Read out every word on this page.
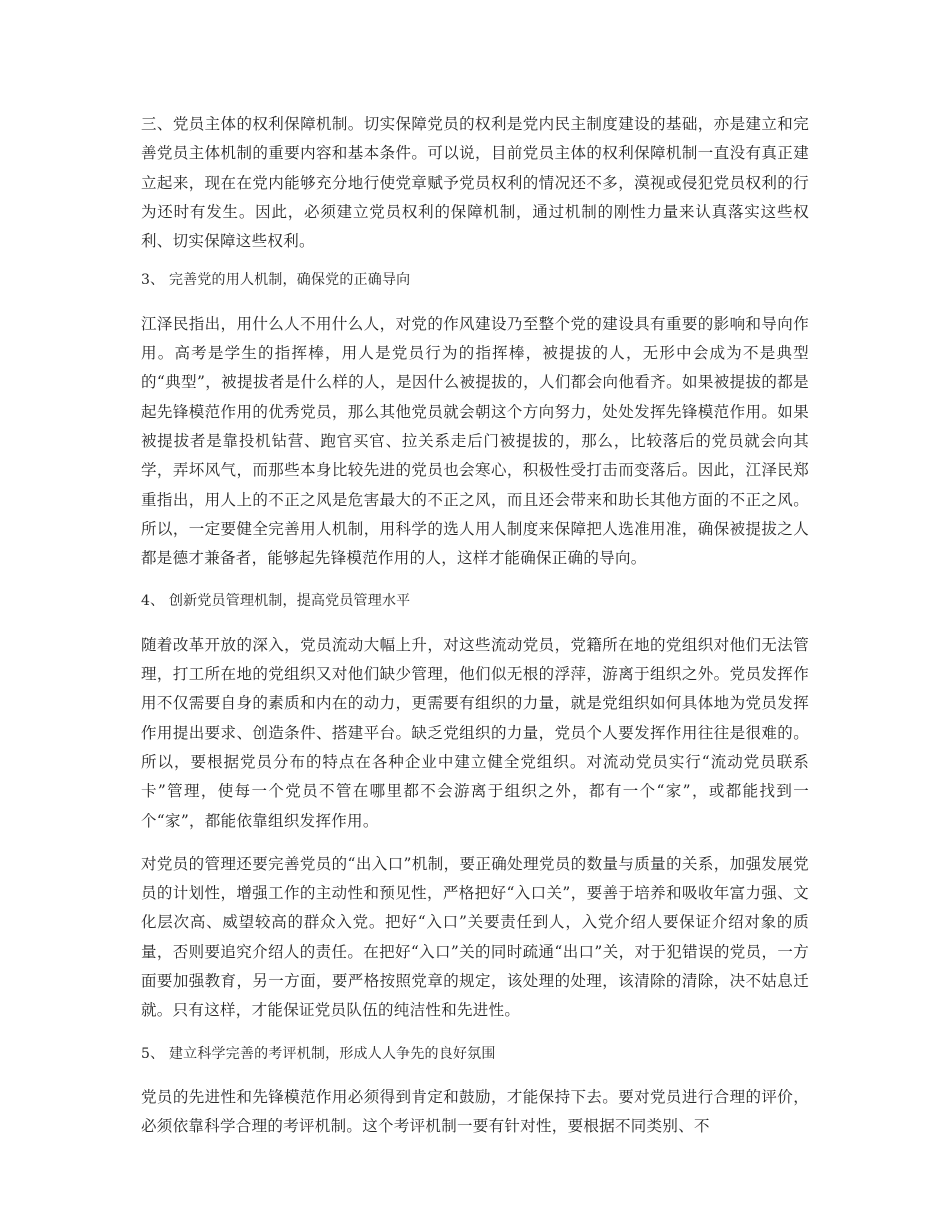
三、党员主体的权利保障机制。切实保障党员的权利是党内民主制度建设的基础，亦是建立和完善党员主体机制的重要内容和基本条件。可以说，目前党员主体的权利保障机制一直没有真正建立起来，现在在党内能够充分地行使党章赋予党员权利的情况还不多，漠视或侵犯党员权利的行为还时有发生。因此，必须建立党员权利的保障机制，通过机制的刚性力量来认真落实这些权利、切实保障这些权利。

3、 完善党的用人机制，确保党的正确导向

江泽民指出，用什么人不用什么人，对党的作风建设乃至整个党的建设具有重要的影响和导向作用。高考是学生的指挥棒，用人是党员行为的指挥棒，被提拔的人，无形中会成为不是典型的“典型”，被提拔者是什么样的人，是因什么被提拔的，人们都会向他看齐。如果被提拔的都是起先锋模范作用的优秀党员，那么其他党员就会朝这个方向努力，处处发挥先锋模范作用。如果被提拔者是靠投机钻营、跑官买官、拉关系走后门被提拔的，那么，比较落后的党员就会向其学，弄坏风气，而那些本身比较先进的党员也会寒心，积极性受打击而变落后。因此，江泽民郑重指出，用人上的不正之风是危害最大的不正之风，而且还会带来和助长其他方面的不正之风。所以，一定要健全完善用人机制，用科学的选人用人制度来保障把人选准用准，确保被提拔之人都是德才兼备者，能够起先锋模范作用的人，这样才能确保正确的导向。

4、 创新党员管理机制，提高党员管理水平

随着改革开放的深入，党员流动大幅上升，对这些流动党员，党籍所在地的党组织对他们无法管理，打工所在地的党组织又对他们缺少管理，他们似无根的浮萍，游离于组织之外。党员发挥作用不仅需要自身的素质和内在的动力，更需要有组织的力量，就是党组织如何具体地为党员发挥作用提出要求、创造条件、搭建平台。缺乏党组织的力量，党员个人要发挥作用往往是很难的。所以，要根据党员分布的特点在各种企业中建立健全党组织。对流动党员实行“流动党员联系卡”管理，使每一个党员不管在哪里都不会游离于组织之外，都有一个“家”，或都能找到一个“家”，都能依靠组织发挥作用。

对党员的管理还要完善党员的“出入口”机制，要正确处理党员的数量与质量的关系，加强发展党员的计划性，增强工作的主动性和预见性，严格把好“入口关”，要善于培养和吸收年富力强、文化层次高、威望较高的群众入党。把好“入口”关要责任到人，入党介绍人要保证介绍对象的质量，否则要追究介绍人的责任。在把好“入口”关的同时疏通“出口”关，对于犯错误的党员，一方面要加强教育，另一方面，要严格按照党章的规定，该处理的处理，该清除的清除，决不姑息迁就。只有这样，才能保证党员队伍的纯洁性和先进性。

5、 建立科学完善的考评机制，形成人人争先的良好氛围

党员的先进性和先锋模范作用必须得到肯定和鼓励，才能保持下去。要对党员进行合理的评价，必须依靠科学合理的考评机制。这个考评机制一要有针对性，要根据不同类别、不
